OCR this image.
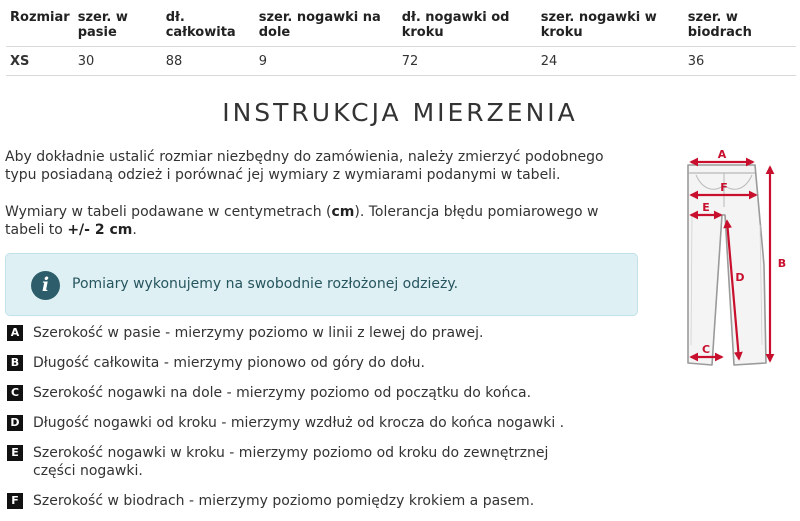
Rozmiar	szer. w pasie	dł. całkowita	szer. nogawki na dole	dł. nogawki od kroku	szer. nogawki w kroku	szer. w biodrach
XS	30	88	9	72	24	36
INSTRUKCJA MIERZENIA

Aby dokładnie ustalić rozmiar niezbędny do zamówienia, należy zmierzyć podobnego typu posiadaną odzież i porównać jej wymiary z wymiarami podanymi w tabeli.

Wymiary w tabeli podawane w centymetrach (cm). Tolerancja błędu pomiarowego w tabeli to +/- 2 cm.

i	Pomiary wykonujemy na swobodnie rozłożonej odzieży.
A Szerokość w pasie - mierzymy poziomo w linii z lewej do prawej.
B Długość całkowita - mierzymy pionowo od góry do dołu.
C Szerokość nogawki na dole - mierzymy poziomo od początku do końca.
D Długość nogawki od kroku - mierzymy wzdłuż od krocza do końca nogawki .
E	Szerokość nogawki w kroku - mierzymy poziomo od kroku do zewnętrznej części nogawki.
F	Szerokość w biodrach - mierzymy poziomo pomiędzy krokiem a pasem.
A
F
E
D
B
C
